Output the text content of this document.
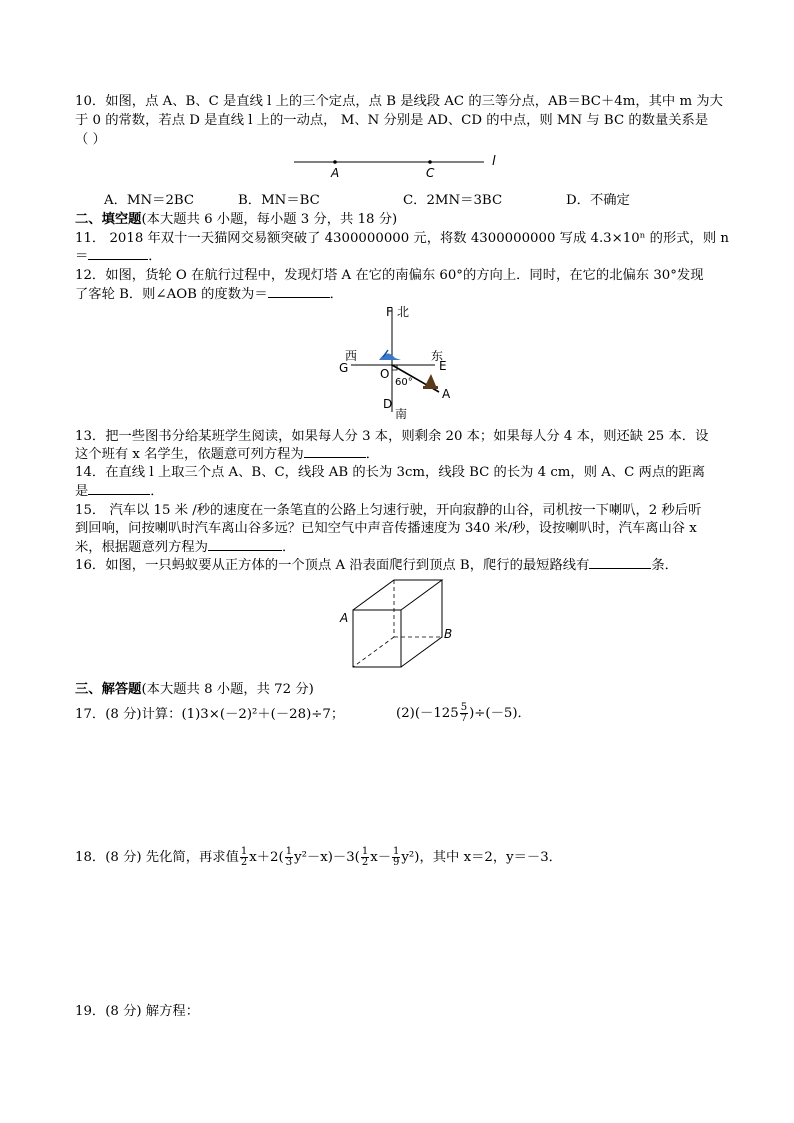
10．如图，点 A、B、C 是直线 l 上的三个定点，点 B 是线段 AC 的三等分点，AB＝BC＋4m，其中 m 为大
于 0 的常数，若点 D 是直线 l 上的一动点， M、N 分别是 AD、CD 的中点，则 MN 与 BC 的数量关系是
（ ）
A	C
l
A．MN＝2BC	B．MN＝BC	C．2MN＝3BC	D．不确定
二、填空题(本大题共 6 小题，每小题 3 分，共 18 分)
11． 2018 年双十一天猫网交易额突破了 4300000000 元，将数 4300000000 写成 4.3×10ⁿ 的形式，则 n
＝	．
12．如图，货轮 O 在航行过程中，发现灯塔 A 在它的南偏东 60°的方向上．同时，在它的北偏东 30°发现
了客轮 B．则∠AOB 的度数为＝	．
F 北
西
G	O
东
E
60°
A
D
南
13．把一些图书分给某班学生阅读，如果每人分 3 本，则剩余 20 本；如果每人分 4 本，则还缺 25 本．设
这个班有 x 名学生，依题意可列方程为	．
14．在直线 l 上取三个点 A、B、C，线段 AB 的长为 3cm，线段 BC 的长为 4 cm，则 A、C 两点的距离
是	．
15． 汽车以 15 米 /秒的速度在一条笔直的公路上匀速行驶，开向寂静的山谷，司机按一下喇叭，2 秒后听
到回响，问按喇叭时汽车离山谷多远？已知空气中声音传播速度为 340 米/秒，设按喇叭时，汽车离山谷 x
米，根据题意列方程为	．
16．如图，一只蚂蚁要从正方体的一个顶点 A 沿表面爬行到顶点 B，爬行的最短路线有	条．
A
B
三、解答题(本大题共 8 小题，共 72 分)
17．(8 分)计算：(1)3×(－2)²＋(－28)÷7；	$(2)(-125 \frac{5}{7} )\div(-5)$．
18．(8 分) 先化简，再求值 $\frac{1}{2} x+2( \frac{1}{3} y^2-x)-3( \frac{1}{2} x- \frac{1}{9} y^2)$，其中 x＝2，y＝－3．
19．(8 分) 解方程：
